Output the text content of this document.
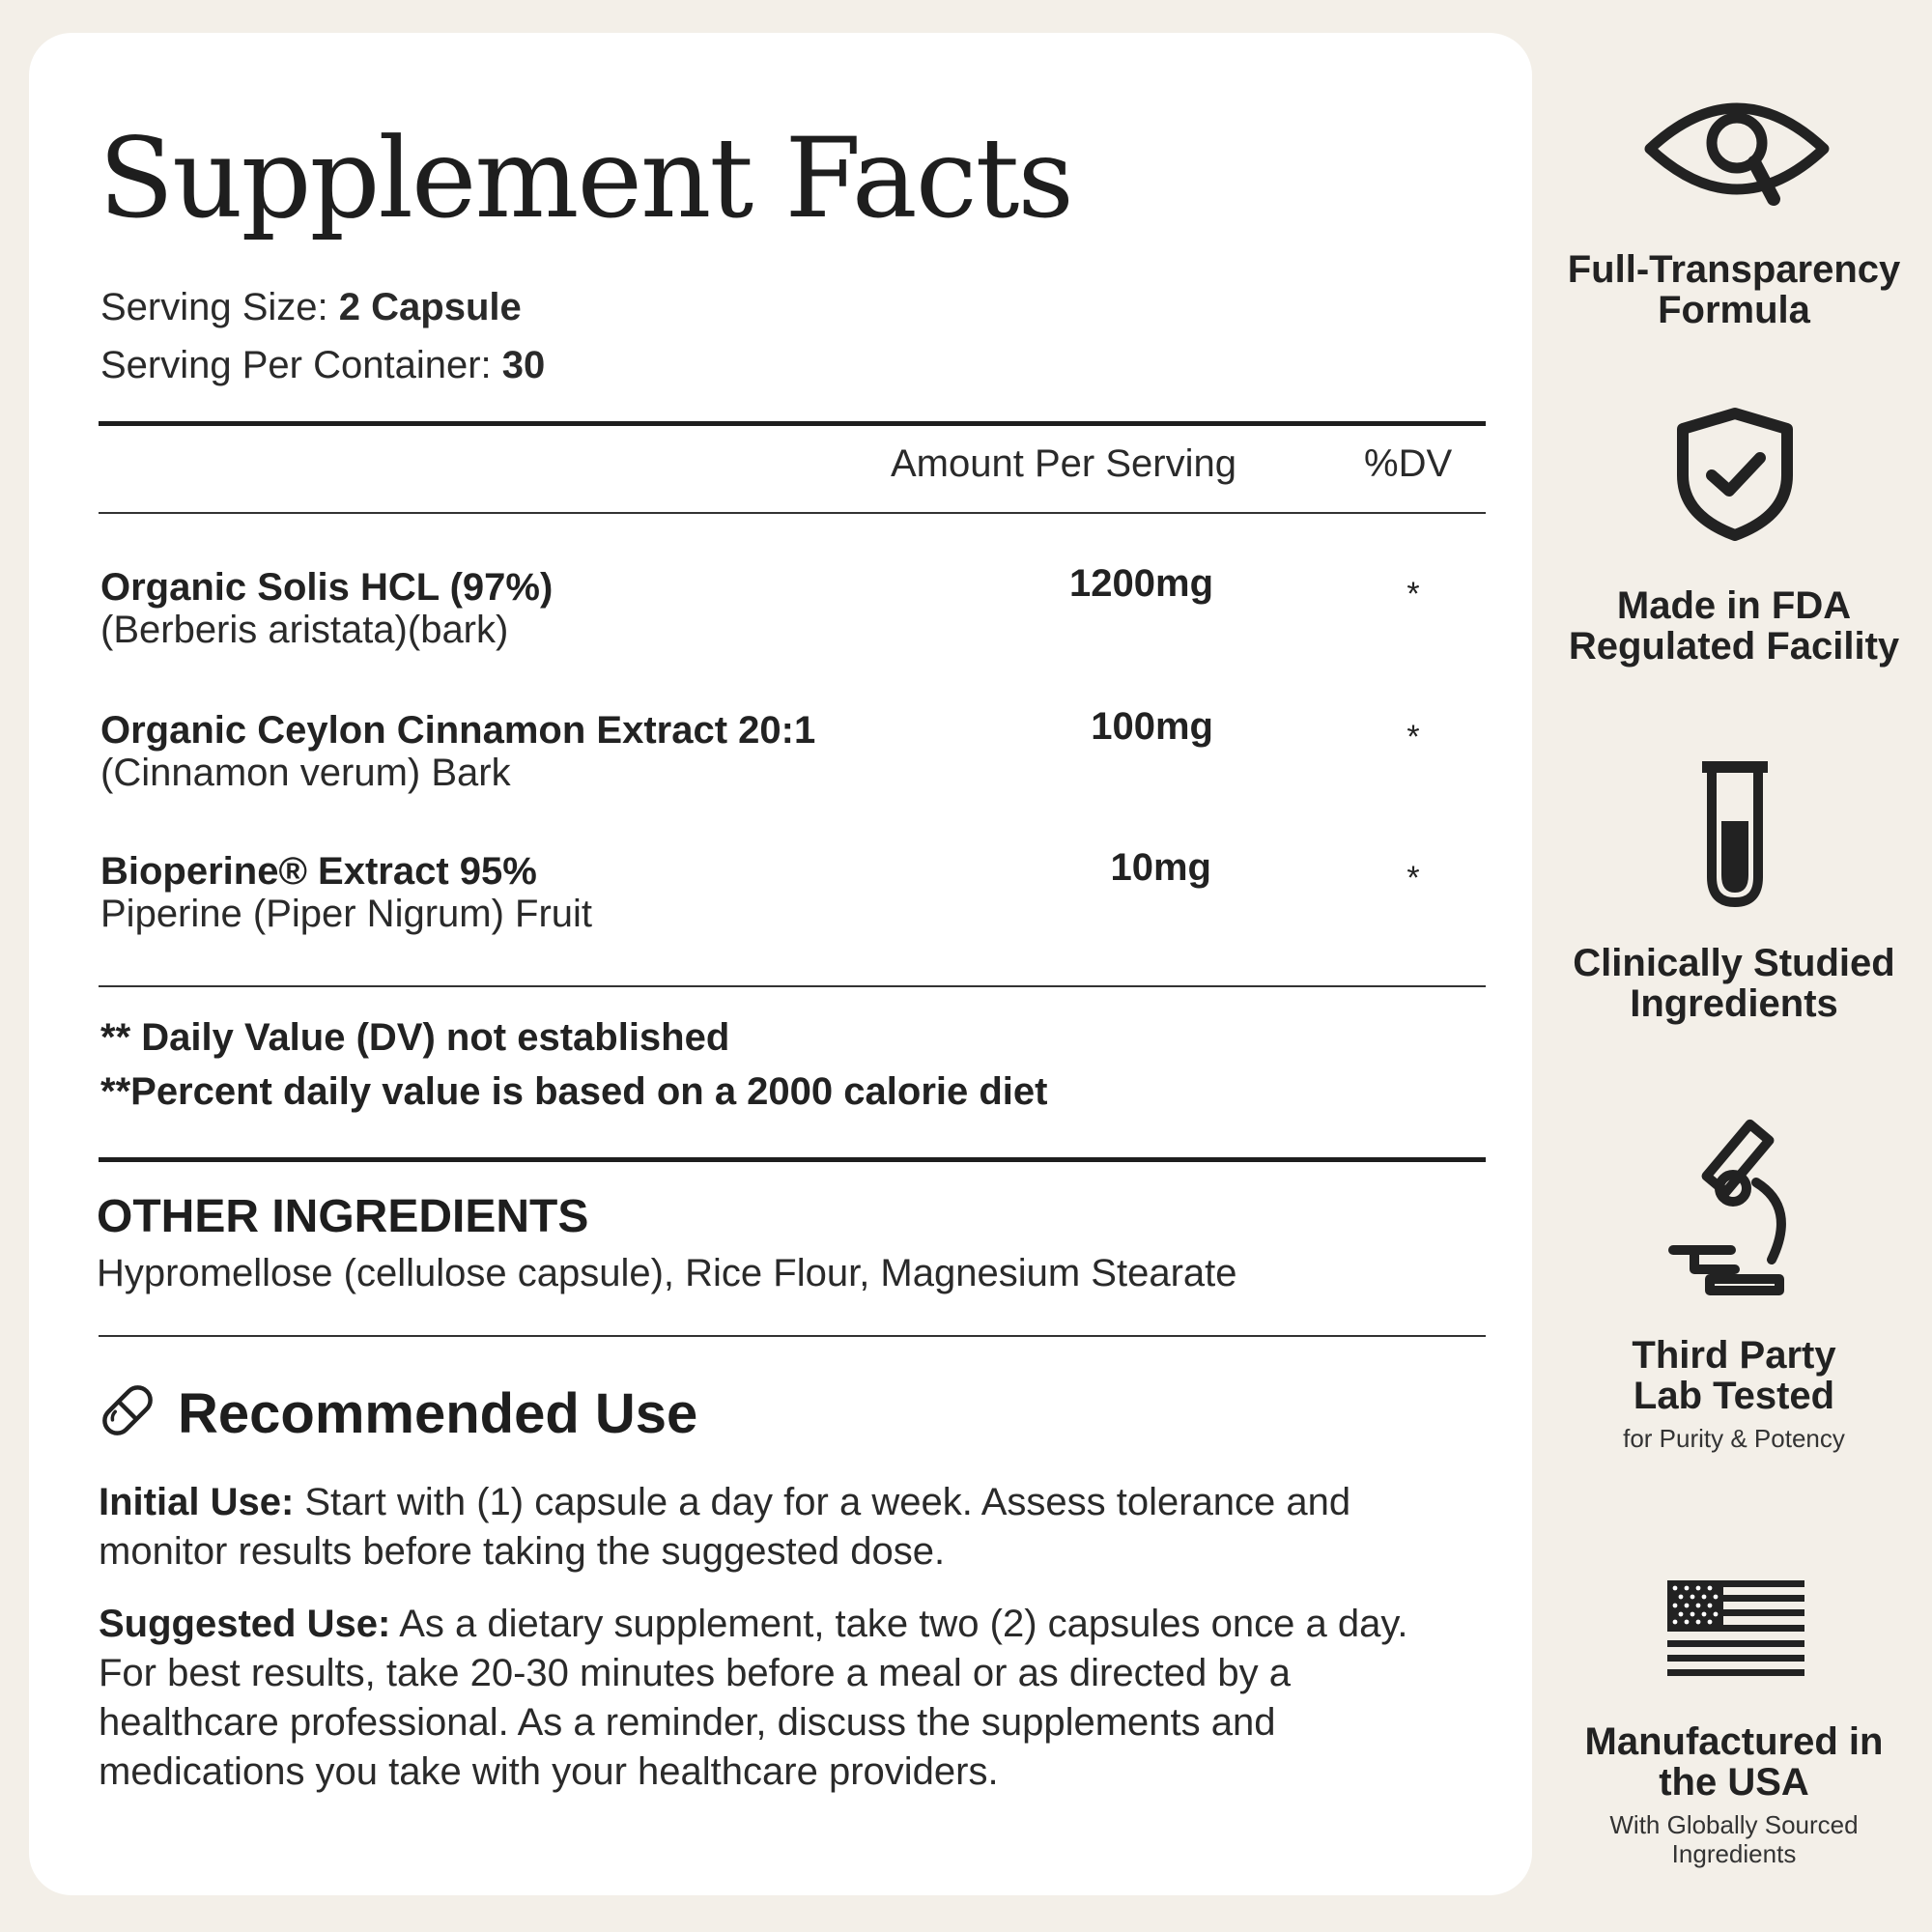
Supplement Facts
Serving Size: 2 Capsule
Serving Per Container: 30
Amount Per Serving	%DV
Organic Solis HCL (97%)
(Berberis aristata)(bark)
1200mg	*
Organic Ceylon Cinnamon Extract 20:1
(Cinnamon verum) Bark
100mg	*
Bioperine® Extract 95%
Piperine (Piper Nigrum) Fruit
10mg	*
** Daily Value (DV) not established
**Percent daily value is based on a 2000 calorie diet
OTHER INGREDIENTS
Hypromellose (cellulose capsule), Rice Flour, Magnesium Stearate
Recommended Use
Initial Use: Start with (1) capsule a day for a week. Assess tolerance and monitor results before taking the suggested dose.
Suggested Use: As a dietary supplement, take two (2) capsules once a day. For best results, take 20-30 minutes before a meal or as directed by a healthcare professional. As a reminder, discuss the supplements and medications you take with your healthcare providers.
Full-Transparency
Formula
Made in FDA
Regulated Facility
Clinically Studied
Ingredients
Third Party
Lab Tested
for Purity & Potency
Manufactured in
the USA
With Globally Sourced Ingredients
